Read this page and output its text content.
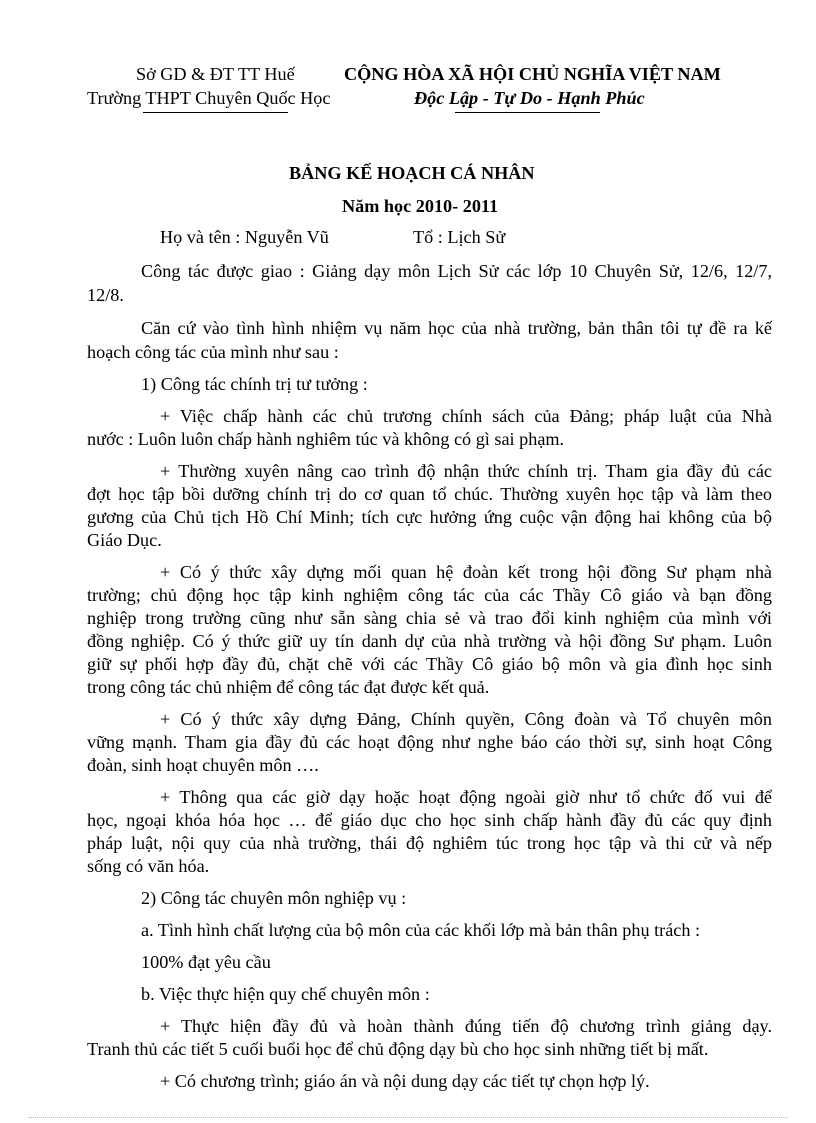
Sở GD & ĐT TT Huế
Trường THPT Chuyên Quốc Học
CỘNG HÒA XÃ HỘI CHỦ NGHĨA VIỆT NAM
Độc Lập - Tự Do - Hạnh Phúc
BẢNG KẾ HOẠCH CÁ NHÂN
Năm học 2010- 2011
Họ và tên : Nguyễn Vũ	Tổ : Lịch Sử
Công tác được giao : Giảng dạy môn Lịch Sử các lớp 10 Chuyên Sử, 12/6, 12/7,
12/8.
Căn cứ vào tình hình nhiệm vụ năm học của nhà trường, bản thân tôi tự đề ra kế
hoạch công tác của mình như sau :
1) Công tác chính trị tư tưởng :
+ Việc chấp hành các chủ trương chính sách của Đảng; pháp luật của Nhà
nước : Luôn luôn chấp hành nghiêm túc và không có gì sai phạm.
+ Thường xuyên nâng cao trình độ nhận thức chính trị. Tham gia đầy đủ các
đợt học tập bồi dưỡng chính trị do cơ quan tổ chúc. Thường xuyên học tập và làm theo
gương của Chủ tịch Hồ Chí Minh; tích cực hưởng ứng cuộc vận động hai không của bộ
Giáo Dục.
+ Có ý thức xây dựng mối quan hệ đoàn kết trong hội đồng Sư phạm nhà
trường; chủ động học tập kinh nghiệm công tác của các Thầy Cô giáo và bạn đồng
nghiệp trong trường cũng như sẵn sàng chia sẻ và trao đổi kinh nghiệm của mình với
đồng nghiệp. Có ý thức giữ uy tín danh dự của nhà trường và hội đồng Sư phạm. Luôn
giữ sự phối hợp đầy đủ, chặt chẽ với các Thầy Cô giáo bộ môn và gia đình học sinh
trong công tác chủ nhiệm để công tác đạt được kết quả.
+ Có ý thức xây dựng Đảng, Chính quyền, Công đoàn và Tổ chuyên môn
vững mạnh. Tham gia đầy đủ các hoạt động như nghe báo cáo thời sự, sinh hoạt Công
đoàn, sinh hoạt chuyên môn ….
+ Thông qua các giờ dạy hoặc hoạt động ngoài giờ như tổ chức đố vui để
học, ngoại khóa hóa học … để giáo dục cho học sinh chấp hành đầy đủ các quy định
pháp luật, nội quy của nhà trường, thái độ nghiêm túc trong học tập và thi cử và nếp
sống có văn hóa.
2) Công tác chuyên môn nghiệp vụ :
a. Tình hình chất lượng của bộ môn của các khối lớp mà bản thân phụ trách :
100% đạt yêu cầu
b. Việc thực hiện quy chế chuyên môn :
+ Thực hiện đầy đủ và hoàn thành đúng tiến độ chương trình giảng dạy.
Tranh thủ các tiết 5 cuối buổi học để chủ động dạy bù cho học sinh những tiết bị mất.
+ Có chương trình; giáo án và nội dung dạy các tiết tự chọn hợp lý.
